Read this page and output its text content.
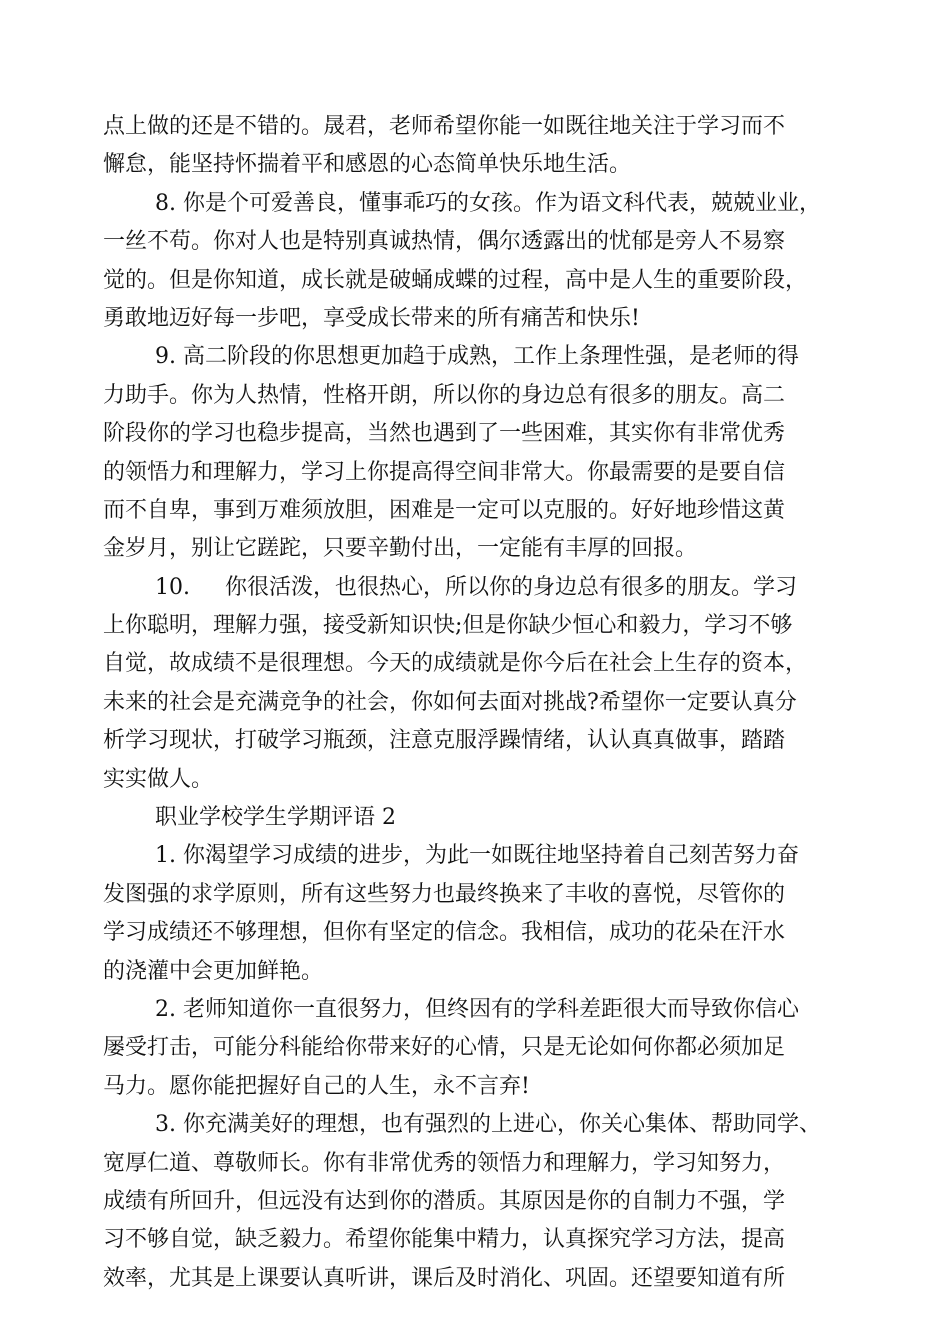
点上做的还是不错的。晟君，老师希望你能一如既往地关注于学习而不
懈怠，能坚持怀揣着平和感恩的心态简单快乐地生活。
8. 你是个可爱善良，懂事乖巧的女孩。作为语文科代表，兢兢业业，
一丝不苟。你对人也是特别真诚热情，偶尔透露出的忧郁是旁人不易察
觉的。但是你知道，成长就是破蛹成蝶的过程，高中是人生的重要阶段，
勇敢地迈好每一步吧，享受成长带来的所有痛苦和快乐!
9. 高二阶段的你思想更加趋于成熟，工作上条理性强，是老师的得
力助手。你为人热情，性格开朗，所以你的身边总有很多的朋友。高二
阶段你的学习也稳步提高，当然也遇到了一些困难，其实你有非常优秀
的领悟力和理解力，学习上你提高得空间非常大。你最需要的是要自信
而不自卑，事到万难须放胆，困难是一定可以克服的。好好地珍惜这黄
金岁月，别让它蹉跎，只要辛勤付出，一定能有丰厚的回报。
10.     你很活泼，也很热心，所以你的身边总有很多的朋友。学习
上你聪明，理解力强，接受新知识快;但是你缺少恒心和毅力，学习不够
自觉，故成绩不是很理想。今天的成绩就是你今后在社会上生存的资本，
未来的社会是充满竞争的社会，你如何去面对挑战?希望你一定要认真分
析学习现状，打破学习瓶颈，注意克服浮躁情绪，认认真真做事，踏踏
实实做人。
职业学校学生学期评语 2
1. 你渴望学习成绩的进步，为此一如既往地坚持着自己刻苦努力奋
发图强的求学原则，所有这些努力也最终换来了丰收的喜悦，尽管你的
学习成绩还不够理想，但你有坚定的信念。我相信，成功的花朵在汗水
的浇灌中会更加鲜艳。
2. 老师知道你一直很努力，但终因有的学科差距很大而导致你信心
屡受打击，可能分科能给你带来好的心情，只是无论如何你都必须加足
马力。愿你能把握好自己的人生，永不言弃!
3. 你充满美好的理想，也有强烈的上进心，你关心集体、帮助同学、
宽厚仁道、尊敬师长。你有非常优秀的领悟力和理解力，学习知努力，
成绩有所回升，但远没有达到你的潜质。其原因是你的自制力不强，学
习不够自觉，缺乏毅力。希望你能集中精力，认真探究学习方法，提高
效率，尤其是上课要认真听讲，课后及时消化、巩固。还望要知道有所
